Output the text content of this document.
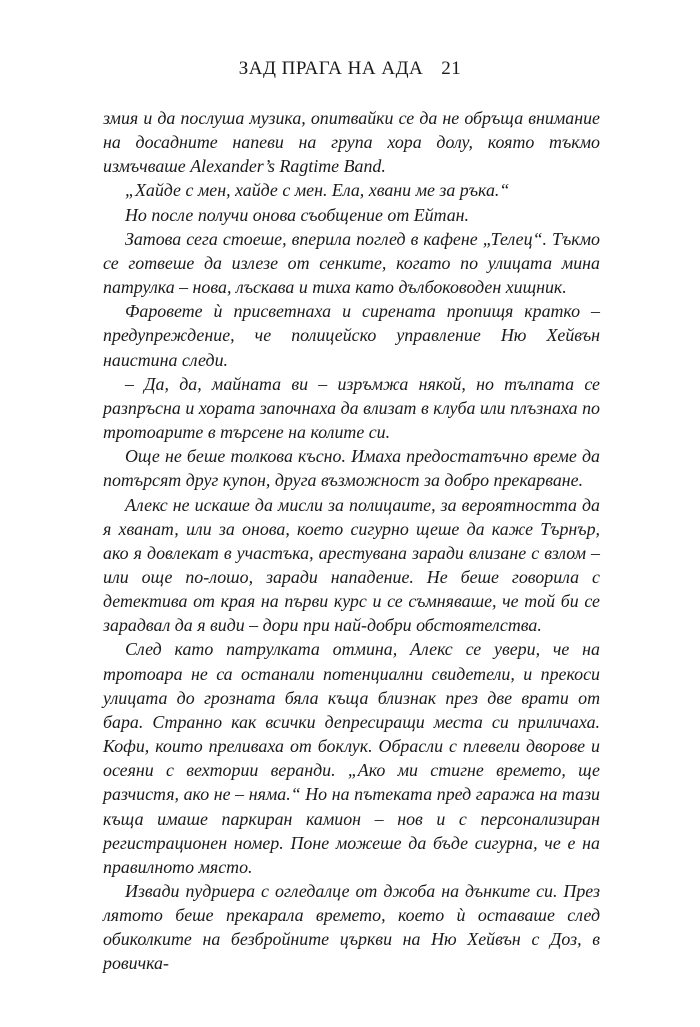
ЗАД ПРАГА НА АДА 21

змия и да послуша музика, опитвайки се да не обръща внимание на досадните напеви на група хора долу, която тъкмо измъчваше Alexander’s Ragtime Band.

„Хайде с мен, хайде с мен. Ела, хвани ме за ръка.“

Но после получи онова съобщение от Ейтан.

Затова сега стоеше, вперила поглед в кафене „Телец“. Тъкмо се готвеше да излезе от сенките, когато по улицата мина патрулка – нова, лъскава и тиха като дълбоководен хищник.

Фаровете ѝ присветнаха и сирената пропищя кратко – предупреждение, че полицейско управление Ню Хейвън наистина следи.

– Да, да, майната ви – изръмжа някой, но тълпата се разпръсна и хората започнаха да влизат в клуба или плъзнаха по тротоарите в търсене на колите си.

Още не беше толкова късно. Имаха предостатъчно време да потърсят друг купон, друга възможност за добро прекарване.

Алекс не искаше да мисли за полицаите, за вероятността да я хванат, или за онова, което сигурно щеше да каже Търнър, ако я довлекат в участъка, арестувана заради влизане с взлом – или още по-лошо, заради нападение. Не беше говорила с детектива от края на първи курс и се съмняваше, че той би се зарадвал да я види – дори при най-добри обстоятелства.

След като патрулката отмина, Алекс се увери, че на тротоара не са останали потенциални свидетели, и прекоси улицата до грозната бяла къща близнак през две врати от бара. Странно как всички депресиращи места си приличаха. Кофи, които преливаха от боклук. Обрасли с плевели дворове и осеяни с вехтории веранди. „Ако ми стигне времето, ще разчистя, ако не – няма.“ Но на пътеката пред гаража на тази къща имаше паркиран камион – нов и с персонализиран регистрационен номер. Поне можеше да бъде сигурна, че е на правилното място.

Извади пудриера с огледалце от джоба на дънките си. През лятото беше прекарала времето, което ѝ оставаше след обиколките на безбройните църкви на Ню Хейвън с Доз, в ровичка-
